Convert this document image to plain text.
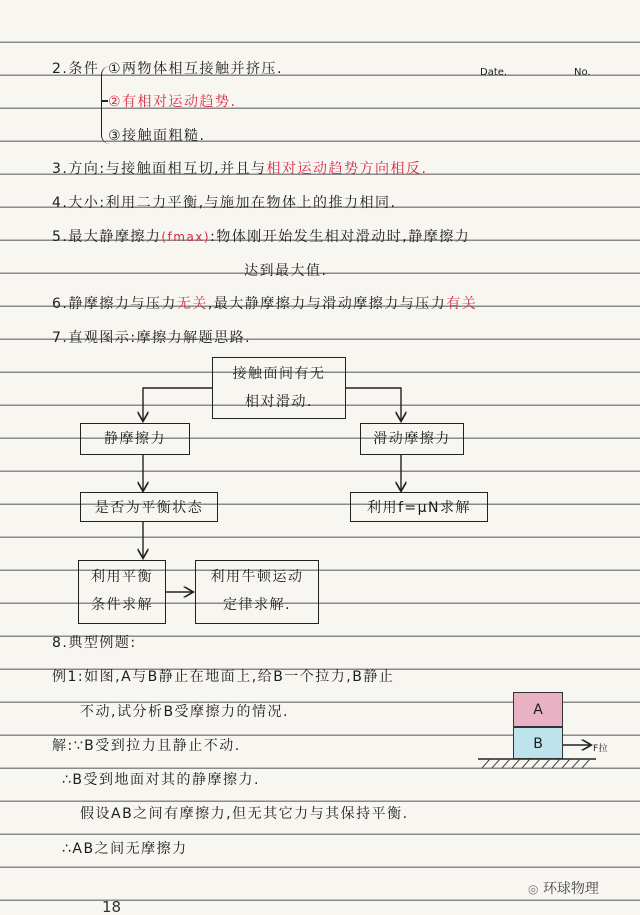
Date.	No.
2.条件 ①两物体相互接触并挤压.
②有相对运动趋势.
③接触面粗糙.
3.方向:与接触面相互切,并且与相对运动趋势方向相反.
4.大小:利用二力平衡,与施加在物体上的推力相同.
5.最大静摩擦力(fmax):物体刚开始发生相对滑动时,静摩擦力
达到最大值.
6.静摩擦力与压力无关,最大静摩擦力与滑动摩擦力与压力有关
7.直观图示:摩擦力解题思路.
接触面间有无
相对滑动.
静摩擦力	滑动摩擦力
是否为平衡状态	利用f=μN求解
利用平衡
条件求解
利用牛顿运动
定律求解.
8.典型例题:
例1:如图,A与B静止在地面上,给B一个拉力,B静止
不动,试分析B受摩擦力的情况.
解:∵B受到拉力且静止不动.
∴B受到地面对其的静摩擦力.
假设AB之间有摩擦力,但无其它力与其保持平衡.
∴AB之间无摩擦力
A
B	F拉
18
◎ 环球物理
